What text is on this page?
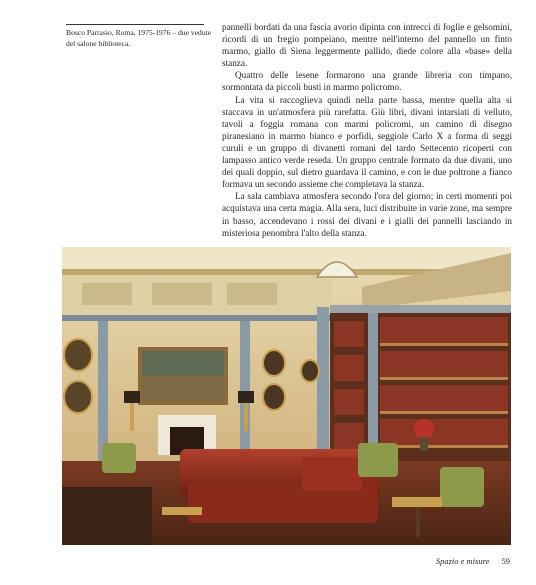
Bosco Parrasio, Roma, 1975-1976 – due vedute del salone biblioteca.

pannelli bordati da una fascia avorio dipinta con intrecci di foglie e gelsomini, ricordi di un fregio pompeiano, mentre nell'interno del pannello un finto marmo, giallo di Siena leggermente pallido, diede colore alla «base» della stanza.

Quattro delle lesene formarono una grande libreria con timpano, sormontata da piccoli busti in marmo policromo.

La vita si raccoglieva quindi nella parte bassa, mentre quella alta si staccava in un'atmosfera più rarefatta. Giù libri, divani intarsiati di velluto, tavoli a foggia romana con marmi policromi, un camino di disegno piranesiano in marmo bianco e porfidi, seggiole Carlo X a forma di seggi curuli e un gruppo di divanetti romani del tardo Settecento ricoperti con lampasso antico verde reseda. Un gruppo centrale formato da due divani, uno dei quali doppio, sul dietro guardava il camino, e con le due poltrone a fianco formava un secondo assieme che completava la stanza.

La sala cambiava atmosfera secondo l'ora del giorno; in certi momenti poi acquistava una certa magia. Alla sera, luci distribuite in varie zone, ma sempre in basso, accendevano i rossi dei divani e i gialli dei pannelli lasciando in misteriosa penombra l'alto della stanza.

Spazio e misure 59
